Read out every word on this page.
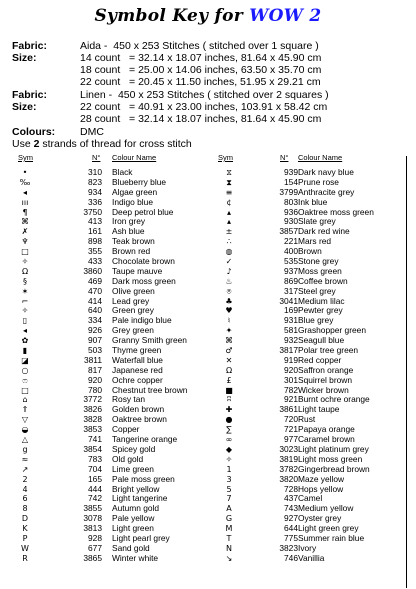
Symbol Key for WOW 2
Fabric:	Aida -  450 x 253 Stitches ( stitched over 1 square )
Size:	14 count   = 32.14 x 18.07 inches, 81.64 x 45.90 cm
18 count   = 25.00 x 14.06 inches, 63.50 x 35.70 cm
22 count   = 20.45 x 11.50 inches, 51.95 x 29.21 cm
Fabric:	Linen -  450 x 253 Stitches ( stitched over 2 squares )
Size:	22 count   = 40.91 x 23.00 inches, 103.91 x 58.42 cm
28 count   = 32.14 x 18.07 inches, 81.64 x 45.90 cm
Colours: DMC
Use 2 strands of thread for cross stitch
Sym	N° Colour Name	Sym	N° Colour Name
•	310 Black
‰	823 Blueberry blue
◂	934 Algae green
ııı	336 Indigo blue
¶	3750 Deep petrol blue
⌘	413 Iron grey
✗	161 Ash blue
♆	898 Teak brown
□	355 Brown red
✧	433 Chocolate brown
Ω	3860 Taupe mauve
§	469 Dark moss green
✶	470 Olive green
⌐	414 Lead grey
✧	640 Green grey
▯	334 Pale indigo blue
◂	926 Grey green
✿	907 Granny Smith green
▮	503 Thyme green
◪	3811 Waterfall blue
○	817 Japanese red
ෆ	920 Ochre copper
□	780 Chestnut tree brown
⌂	3772 Rosy tan
⇑	3826 Golden brown
▽	3828 Oaktree brown
◒	3853 Copper
△	741 Tangerine orange
g	3854 Spicey gold
≈	783 Old gold
↗	704 Lime green
2	165 Pale moss green
4	444 Bright yellow
6	742 Light tangerine
8	3855 Autumn gold
D	3078 Pale yellow
K	3813 Light green
P	928 Light pearl grey
W	677 Sand gold
R	3865 Winter white
⧖	939 Dark navy blue
⧗	154 Prune rose
≡	3799 Anthracite grey
¢	803 Ink blue
▴	936 Oaktree moss green
▴	930 Slate grey
±	3857 Dark red wine
∴	221 Mars red
◍	400 Brown
✓	535 Stone grey
♪	937 Moss green
♨	869 Coffee brown
⍟	317 Steel grey
♣	3041 Medium lilac
♥	169 Pewter grey
♮	931 Blue grey
✦	581 Grashopper green
⌘	932 Seagull blue
♂	3817 Polar tree green
✕	919 Red copper
Ω	920 Saffron orange
£	301 Squirrel brown
■	782 Wicker brown
ʭ	921 Burnt ochre orange
✚	3861 Light taupe
●	720 Rust
∑	721 Papaya orange
∞	977 Caramel brown
◆	3023 Light platinum grey
✧	3819 Light moss green
1	3782 Gingerbread brown
3	3820 Maze yellow
5	728 Hops yellow
7	437 Camel
A	743 Medium yellow
G	927 Oyster grey
M	644 Light green grey
T	775 Summer rain blue
N	3823 Ivory
↘	746 Vanillia
